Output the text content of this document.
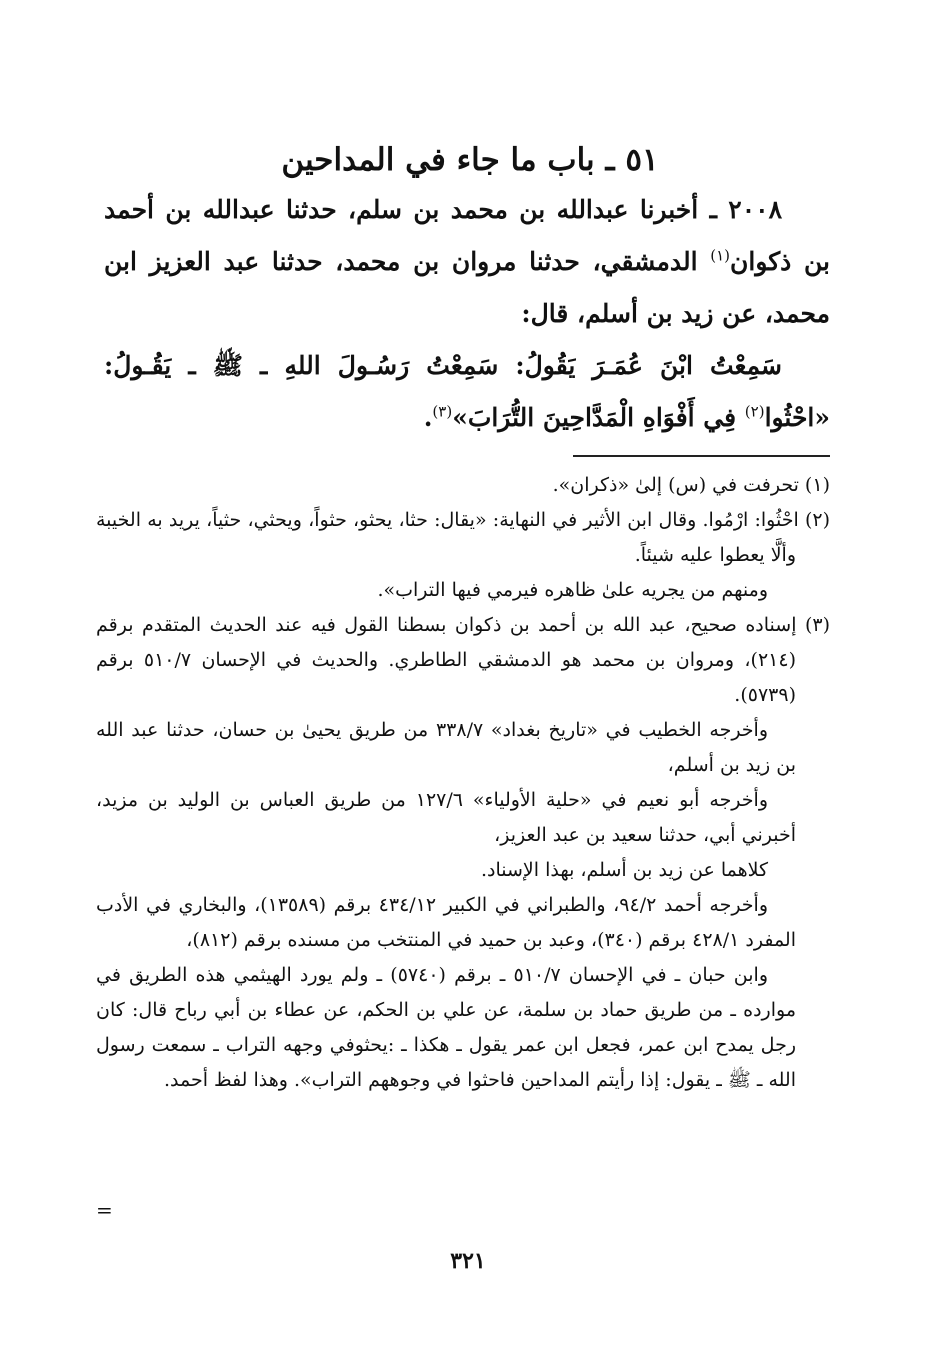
٥١ ـ باب ما جاء في المداحين

٢٠٠٨ ـ أخبرنا عبدالله بن محمد بن سلم، حدثنا عبدالله بن أحمد بن ذكوان$^{(١)}$ الدمشقي، حدثنا مروان بن محمد، حدثنا عبد العزيز ابن محمد، عن زيد بن أسلم، قال:

سَمِعْتُ ابْنَ عُمَـرَ يَقُولُ: سَمِعْتُ رَسُـولَ اللهِ ـ ﷺ ـ يَقُـولُ: «احْثُوا$^{(٢)}$ فِي أَفْوَاهِ الْمَدَّاحِينَ التُّرَابَ»$^{(٣)}$.

(١) تحرفت في (س) إلىٰ «ذكران».

(٢) احْثُوا: ارْمُوا. وقال ابن الأثير في النهاية: «يقال: حثا، يحثو، حثواً، ويحثي، حثياً، يريد به الخيبة وألَّا يعطوا عليه شيئاً.

ومنهم من يجريه علىٰ ظاهره فيرمي فيها التراب».

(٣) إسناده صحيح، عبد الله بن أحمد بن ذكوان بسطنا القول فيه عند الحديث المتقدم برقم (٢١٤)، ومروان بن محمد هو الدمشقي الطاطري. والحديث في الإحسان ٥١٠/٧ برقم (٥٧٣٩).

وأخرجه الخطيب في «تاريخ بغداد» ٣٣٨/٧ من طريق يحيىٰ بن حسان، حدثنا عبد الله بن زيد بن أسلم،

وأخرجه أبو نعيم في «حلية الأولياء» ١٢٧/٦ من طريق العباس بن الوليد بن مزيد، أخبرني أبي، حدثنا سعيد بن عبد العزيز،

كلاهما عن زيد بن أسلم، بهذا الإسناد.

وأخرجه أحمد ٩٤/٢، والطبراني في الكبير ٤٣٤/١٢ برقم (١٣٥٨٩)، والبخاري في الأدب المفرد ٤٢٨/١ برقم (٣٤٠)، وعبد بن حميد في المنتخب من مسنده برقم (٨١٢)،

وابن حبان ـ في الإحسان ٥١٠/٧ ـ برقم (٥٧٤٠) ـ ولم يورد الهيثمي هذه الطريق في موارده ـ من طريق حماد بن سلمة، عن علي بن الحكم، عن عطاء بن أبي رباح قال: كان رجل يمدح ابن عمر، فجعل ابن عمر يقول ـ هكذا ـ :يحثوفي وجهه التراب ـ سمعت رسول الله ـ ﷺ ـ يقول: إذا رأيتم المداحين فاحثوا في وجوههم التراب». وهذا لفظ أحمد.

=
٣٢١
